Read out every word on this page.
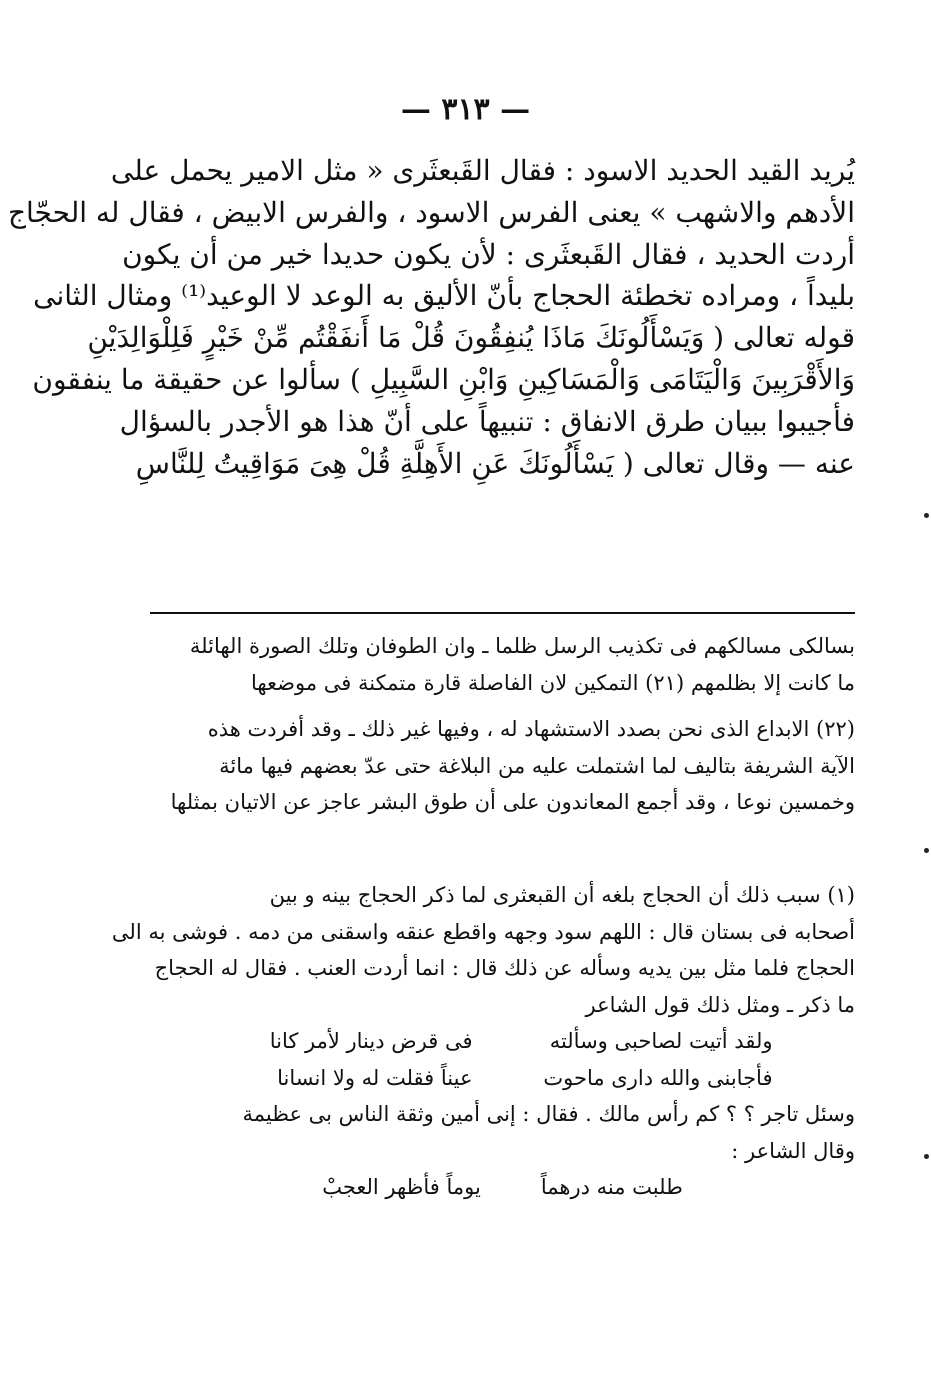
— ٣١٣ —
يُريد القيد الحديد الاسود : فقال القَبعثَرى « مثل الامير يحمل على
الأدهم والاشهب » يعنى الفرس الاسود ، والفرس الابيض ، فقال له الحجّاج
أردت الحديد ، فقال القَبعثَرى : لأن يكون حديدا خير من أن يكون
بليداً ، ومراده تخطئة الحجاج بأنّ الأليق به الوعد لا الوعيد⁽¹⁾ ومثال الثانى
قوله تعالى ( وَيَسْأَلُونَكَ مَاذَا يُنفِقُونَ قُلْ مَا أَنفَقْتُم مِّنْ خَيْرٍ فَلِلْوَالِدَيْنِ
وَالأَقْرَبِينَ وَالْيَتَامَى وَالْمَسَاكِينِ وَابْنِ السَّبِيلِ ) سألوا عن حقيقة ما ينفقون
فأجيبوا ببيان طرق الانفاق : تنبيهاً على أنّ هذا هو الأجدر بالسؤال
عنه — وقال تعالى ( يَسْأَلُونَكَ عَنِ الأَهِلَّةِ قُلْ هِىَ مَوَاقِيتُ لِلنَّاسِ
بسالكى مسالكهم فى تكذيب الرسل ظلما ـ وان الطوفان وتلك الصورة الهائلة
ما كانت إلا بظلمهم (٢١) التمكين لان الفاصلة قارة متمكنة فى موضعها
(٢٢) الابداع الذى نحن بصدد الاستشهاد له ، وفيها غير ذلك ـ وقد أفردت هذه
الآية الشريفة بتاليف لما اشتملت عليه من البلاغة حتى عدّ بعضهم فيها مائة
وخمسين نوعا ، وقد أجمع المعاندون على أن طوق البشر عاجز عن الاتيان بمثلها
(١) سبب ذلك أن الحجاج بلغه أن القبعثرى لما ذكر الحجاج بينه و بين
أصحابه فى بستان قال : اللهم سود وجهه واقطع عنقه واسقنى من دمه . فوشى به الى
الحجاج فلما مثل بين يديه وسأله عن ذلك قال : انما أردت العنب . فقال له الحجاج
ما ذكر ـ ومثل ذلك قول الشاعر
ولقد أتيت لصاحبى وسألته
فى قرض دينار لأمر كانا
فأجابنى والله دارى ماحوت
عيناً فقلت له ولا انسانا
وسئل تاجر ؟ ؟ كم رأس مالك . فقال : إنى أمين وثقة الناس بى عظيمة
وقال الشاعر :
طلبت منه درهماً
يوماً فأظهر العجبْ
